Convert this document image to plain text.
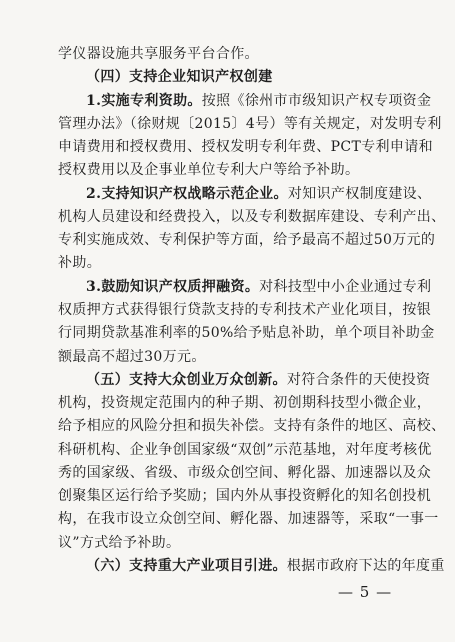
学仪器设施共享服务平台合作。
（四）支持企业知识产权创建
1.实施专利资助。按照《徐州市市级知识产权专项资金
管理办法》（徐财规〔2015〕4号）等有关规定，对发明专利
申请费用和授权费用、授权发明专利年费、PCT专利申请和
授权费用以及企事业单位专利大户等给予补助。
2.支持知识产权战略示范企业。对知识产权制度建设、
机构人员建设和经费投入，以及专利数据库建设、专利产出、
专利实施成效、专利保护等方面，给予最高不超过50万元的
补助。
3.鼓励知识产权质押融资。对科技型中小企业通过专利
权质押方式获得银行贷款支持的专利技术产业化项目，按银
行同期贷款基准利率的50%给予贴息补助，单个项目补助金
额最高不超过30万元。
（五）支持大众创业万众创新。对符合条件的天使投资
机构，投资规定范围内的种子期、初创期科技型小微企业，
给予相应的风险分担和损失补偿。支持有条件的地区、高校、
科研机构、企业争创国家级“双创”示范基地，对年度考核优
秀的国家级、省级、市级众创空间、孵化器、加速器以及众
创聚集区运行给予奖励；国内外从事投资孵化的知名创投机
构，在我市设立众创空间、孵化器、加速器等，采取“一事一
议”方式给予补助。
（六）支持重大产业项目引进。根据市政府下达的年度重
— 5 —
